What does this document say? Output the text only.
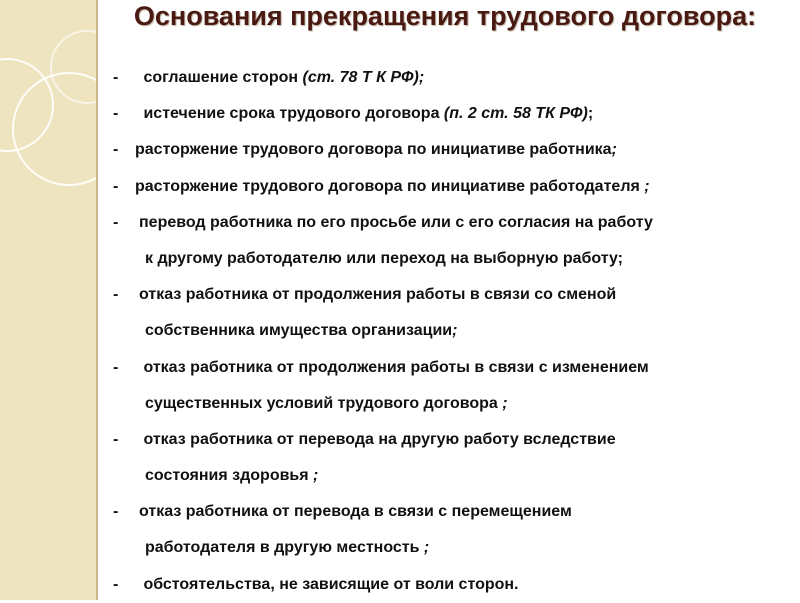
Основания прекращения трудового договора:
- соглашение сторон (ст. 78 Т К РФ);
- истечение срока трудового договора (п. 2 ст. 58 ТК РФ);
- расторжение трудового договора по инициативе работника;
- расторжение трудового договора по инициативе работодателя ;
- перевод работника по его просьбе или с его согласия на работу
к другому работодателю или переход на выборную работу;
- отказ работника от продолжения работы в связи со сменой
собственника имущества организации;
- отказ работника от продолжения работы в связи с изменением
существенных условий трудового договора ;
- отказ работника от перевода на другую работу вследствие
состояния здоровья ;
- отказ работника от перевода в связи с перемещением
работодателя в другую местность ;
- обстоятельства, не зависящие от воли сторон.
